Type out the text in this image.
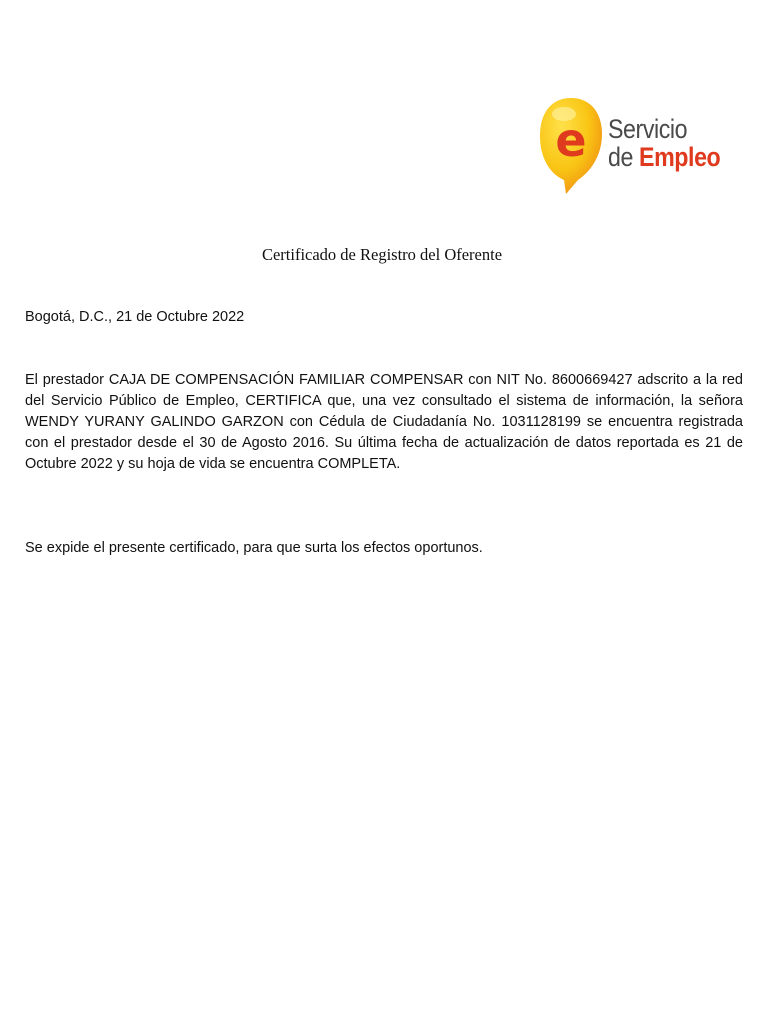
e Servicio
de Empleo
Certificado de Registro del Oferente
Bogotá, D.C., 21 de Octubre 2022
El prestador CAJA DE COMPENSACIÓN FAMILIAR COMPENSAR con NIT No. 8600669427 adscrito a la red del Servicio Público de Empleo, CERTIFICA que, una vez consultado el sistema de información, la señora WENDY YURANY GALINDO GARZON con Cédula de Ciudadanía No. 1031128199 se encuentra registrada con el prestador desde el 30 de Agosto 2016. Su última fecha de actualización de datos reportada es 21 de Octubre 2022 y su hoja de vida se encuentra COMPLETA.
Se expide el presente certificado, para que surta los efectos oportunos.
